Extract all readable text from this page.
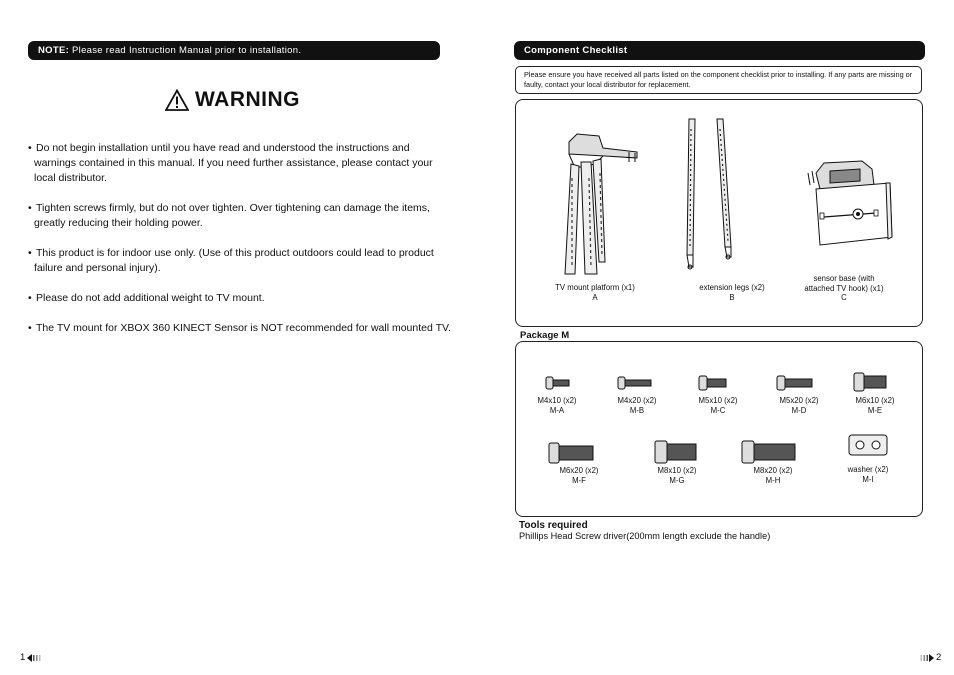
NOTE: Please read Instruction Manual prior to installation.
WARNING
• Do not begin installation until you have read and understood the instructions and warnings contained in this manual. If you need further assistance, please contact your local distributor.
• Tighten screws firmly, but do not over tighten. Over tightening can damage the items, greatly reducing their holding power.
• This product is for indoor use only. (Use of this product outdoors could lead to product failure and personal injury).
• Please do not add additional weight to TV mount.
• The TV mount for XBOX 360 KINECT Sensor is NOT recommended for wall mounted TV.
1
Component Checklist
Please ensure you have received all parts listed on the component checklist prior to installing. If any parts are missing or faulty, contact your local distributor for replacement.
TV mount platform (x1)
A
extension legs (x2)
B
sensor base (with attached TV hook) (x1)
C
Package M
M4x10 (x2)
M-A
M4x20 (x2)
M-B
M5x10 (x2)
M-C
M5x20 (x2)
M-D
M6x10 (x2)
M-E
M6x20 (x2)
M-F
M8x10 (x2)
M-G
M8x20 (x2)
M-H
washer (x2)
M-I
Tools required
Phillips Head Screw driver(200mm length exclude the handle)
2
